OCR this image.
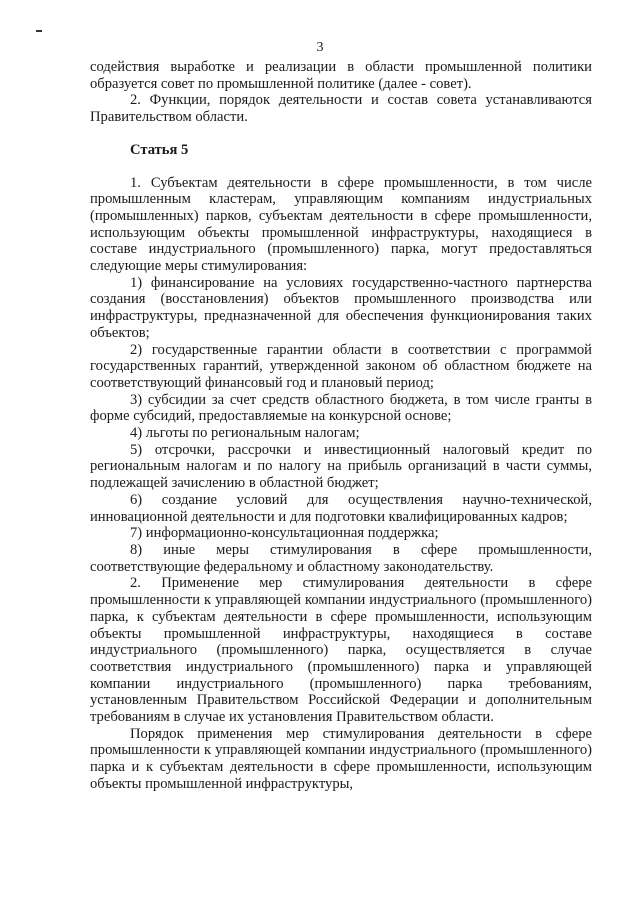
3

содействия выработке и реализации в области промышленной политики образуется совет по промышленной политике (далее - совет).

2. Функции, порядок деятельности и состав совета устанавливаются Правительством области.

Статья 5

1. Субъектам деятельности в сфере промышленности, в том числе промышленным кластерам, управляющим компаниям индустриальных (промышленных) парков, субъектам деятельности в сфере промышленности, использующим объекты промышленной инфраструктуры, находящиеся в составе индустриального (промышленного) парка, могут предоставляться следующие меры стимулирования:

1) финансирование на условиях государственно-частного партнерства создания (восстановления) объектов промышленного производства или инфраструктуры, предназначенной для обеспечения функционирования таких объектов;

2) государственные гарантии области в соответствии с программой государственных гарантий, утвержденной законом об областном бюджете на соответствующий финансовый год и плановый период;

3) субсидии за счет средств областного бюджета, в том числе гранты в форме субсидий, предоставляемые на конкурсной основе;

4) льготы по региональным налогам;

5) отсрочки, рассрочки и инвестиционный налоговый кредит по региональным налогам и по налогу на прибыль организаций в части суммы, подлежащей зачислению в областной бюджет;

6) создание условий для осуществления научно-технической, инновационной деятельности и для подготовки квалифицированных кадров;

7) информационно-консультационная поддержка;

8) иные меры стимулирования в сфере промышленности, соответствующие федеральному и областному законодательству.

2. Применение мер стимулирования деятельности в сфере промышленности к управляющей компании индустриального (промышленного) парка, к субъектам деятельности в сфере промышленности, использующим объекты промышленной инфраструктуры, находящиеся в составе индустриального (промышленного) парка, осуществляется в случае соответствия индустриального (промышленного) парка и управляющей компании индустриального (промышленного) парка требованиям, установленным Правительством Российской Федерации и дополнительным требованиям в случае их установления Правительством области.

Порядок применения мер стимулирования деятельности в сфере промышленности к управляющей компании индустриального (промышленного) парка и к субъектам деятельности в сфере промышленности, использующим объекты промышленной инфраструктуры,
